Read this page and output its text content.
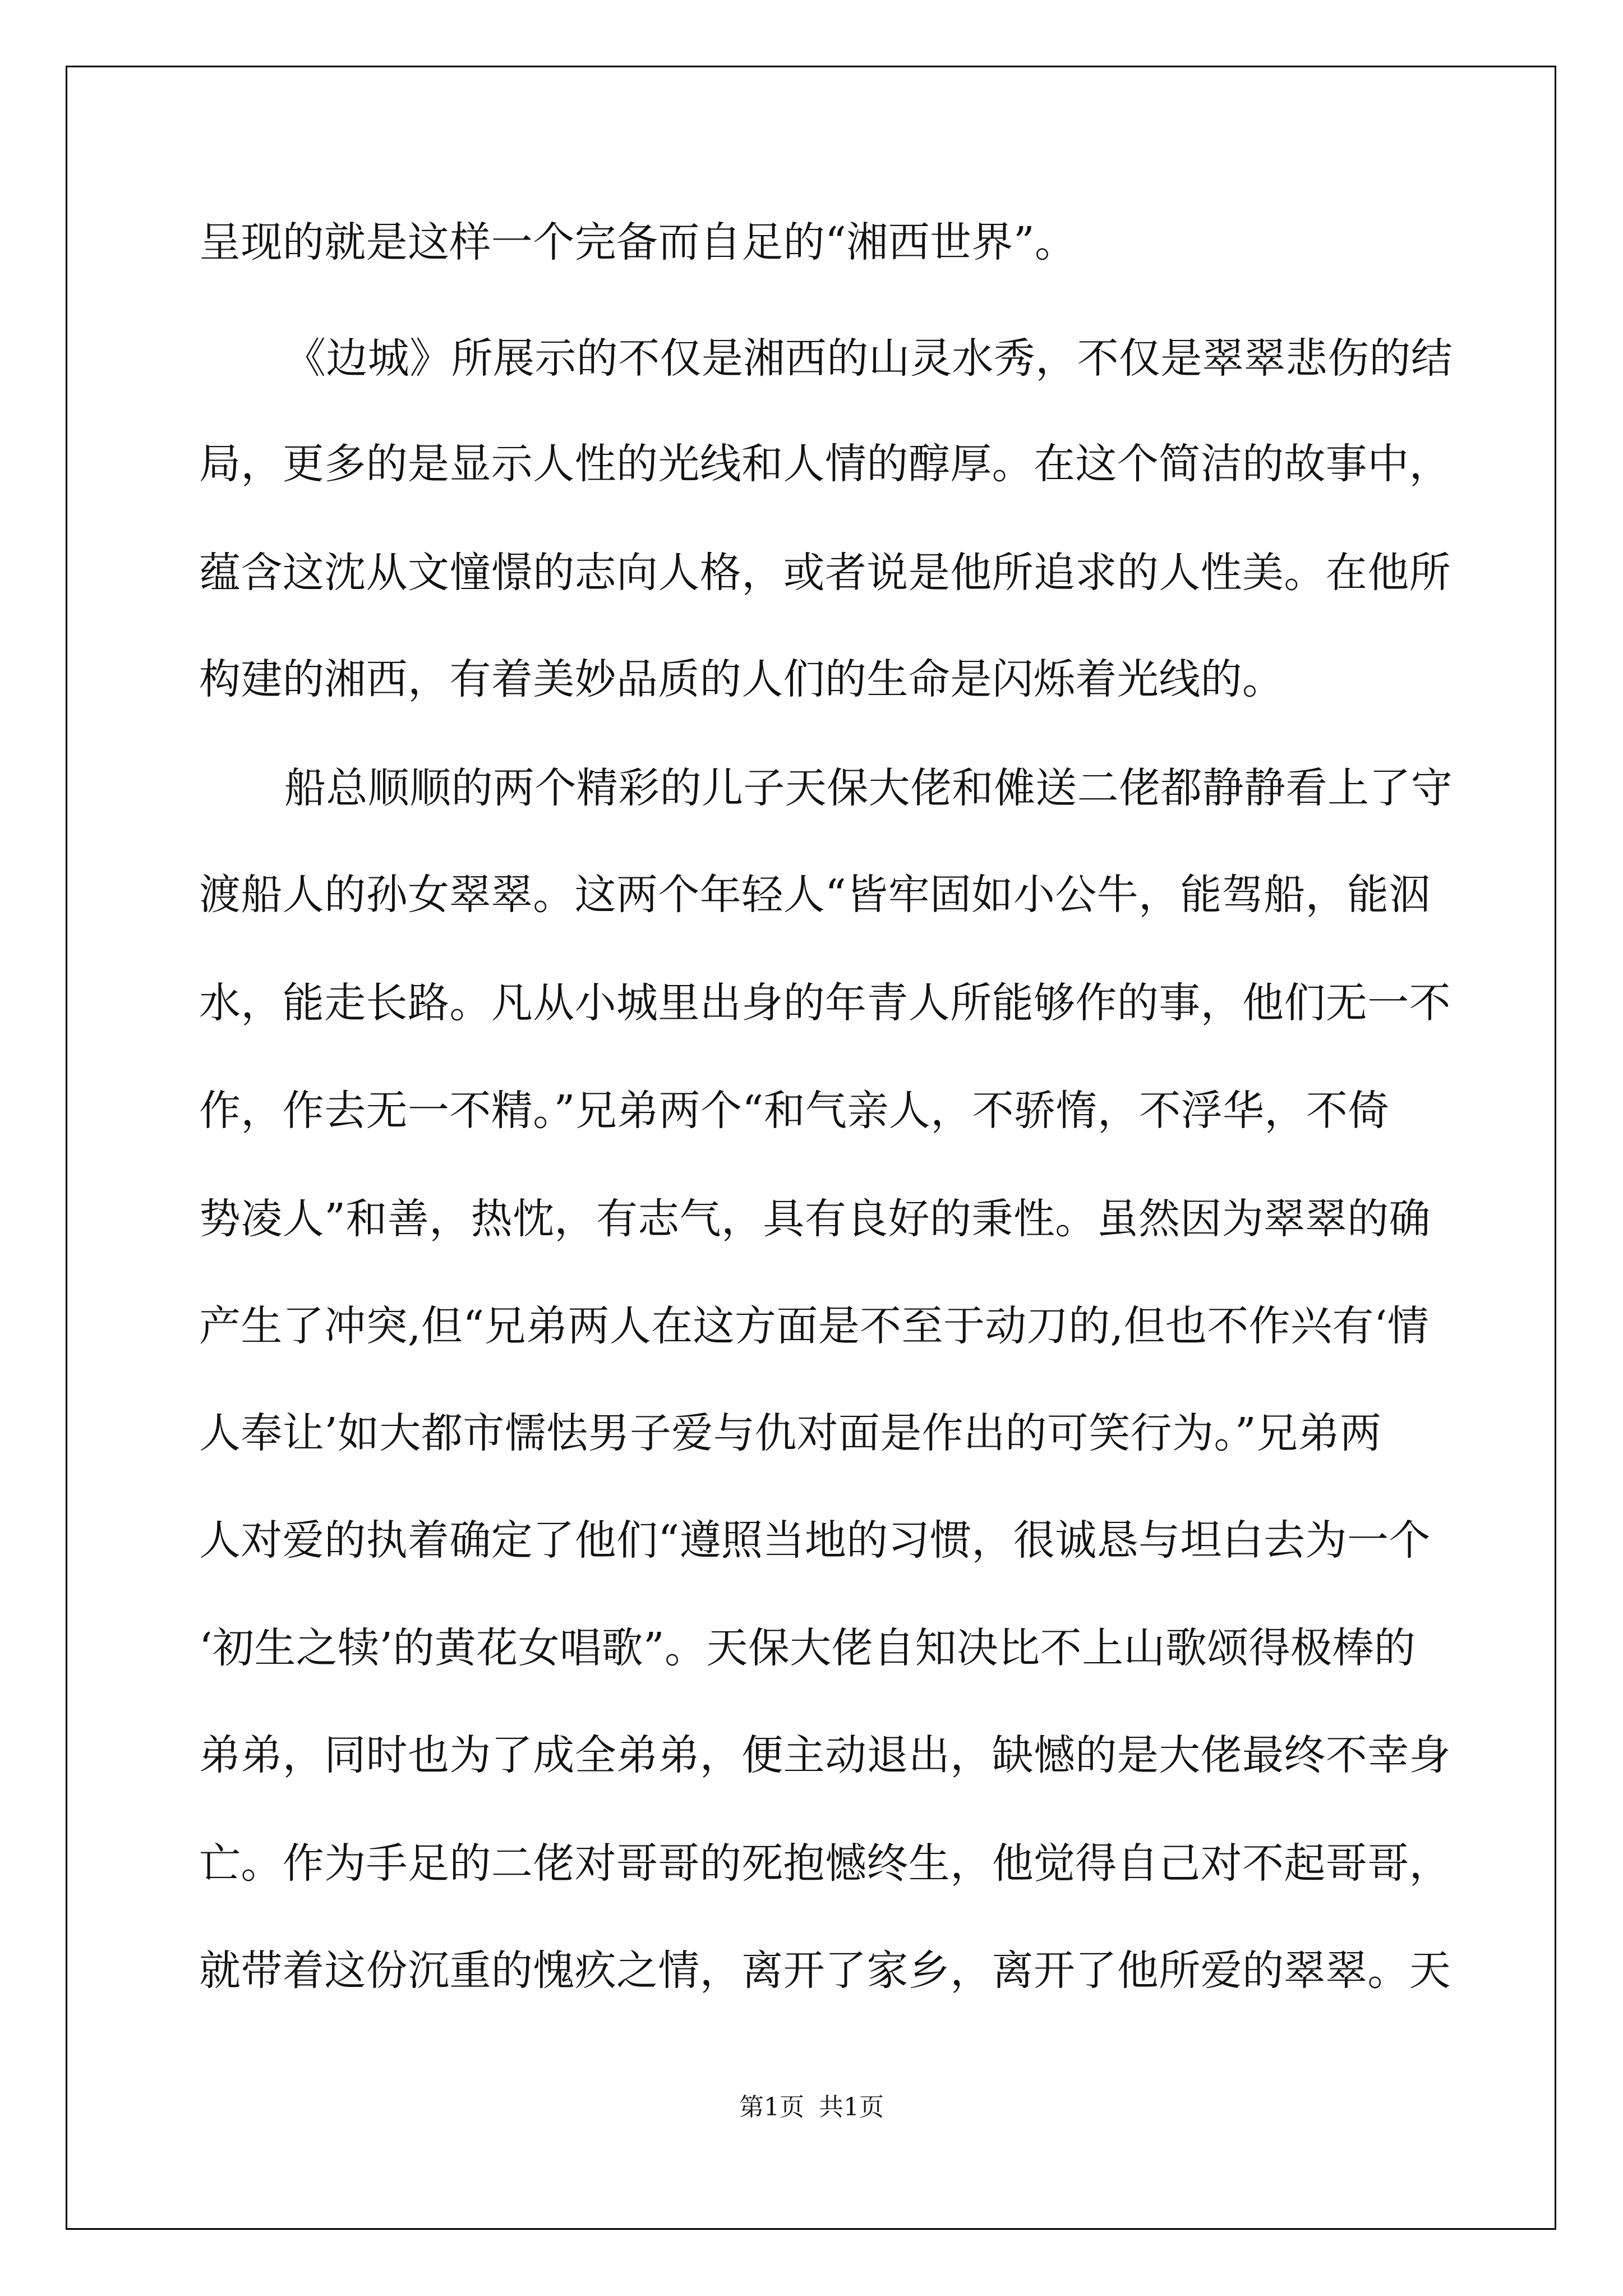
呈现的就是这样一个完备而自足的“湘西世界”。
《边城》所展示的不仅是湘西的山灵水秀，不仅是翠翠悲伤的结
局，更多的是显示人性的光线和人情的醇厚。在这个简洁的故事中，
蕴含这沈从文憧憬的志向人格，或者说是他所追求的人性美。在他所
构建的湘西，有着美妙品质的人们的生命是闪烁着光线的。
船总顺顺的两个精彩的儿子天保大佬和傩送二佬都静静看上了守
渡船人的孙女翠翠。这两个年轻人“皆牢固如小公牛，能驾船，能泅
水，能走长路。凡从小城里出身的年青人所能够作的事，他们无一不
作，作去无一不精。”兄弟两个“和气亲人，不骄惰，不浮华，不倚
势凌人”和善，热忱，有志气，具有良好的秉性。虽然因为翠翠的确
产生了冲突,但“兄弟两人在这方面是不至于动刀的,但也不作兴有‘情
人奉让’如大都市懦怯男子爱与仇对面是作出的可笑行为。”兄弟两
人对爱的执着确定了他们“遵照当地的习惯，很诚恳与坦白去为一个
‘初生之犊’的黄花女唱歌”。天保大佬自知决比不上山歌颂得极棒的
弟弟，同时也为了成全弟弟，便主动退出，缺憾的是大佬最终不幸身
亡。作为手足的二佬对哥哥的死抱憾终生，他觉得自己对不起哥哥，
就带着这份沉重的愧疚之情，离开了家乡，离开了他所爱的翠翠。天
第1页 共1页
